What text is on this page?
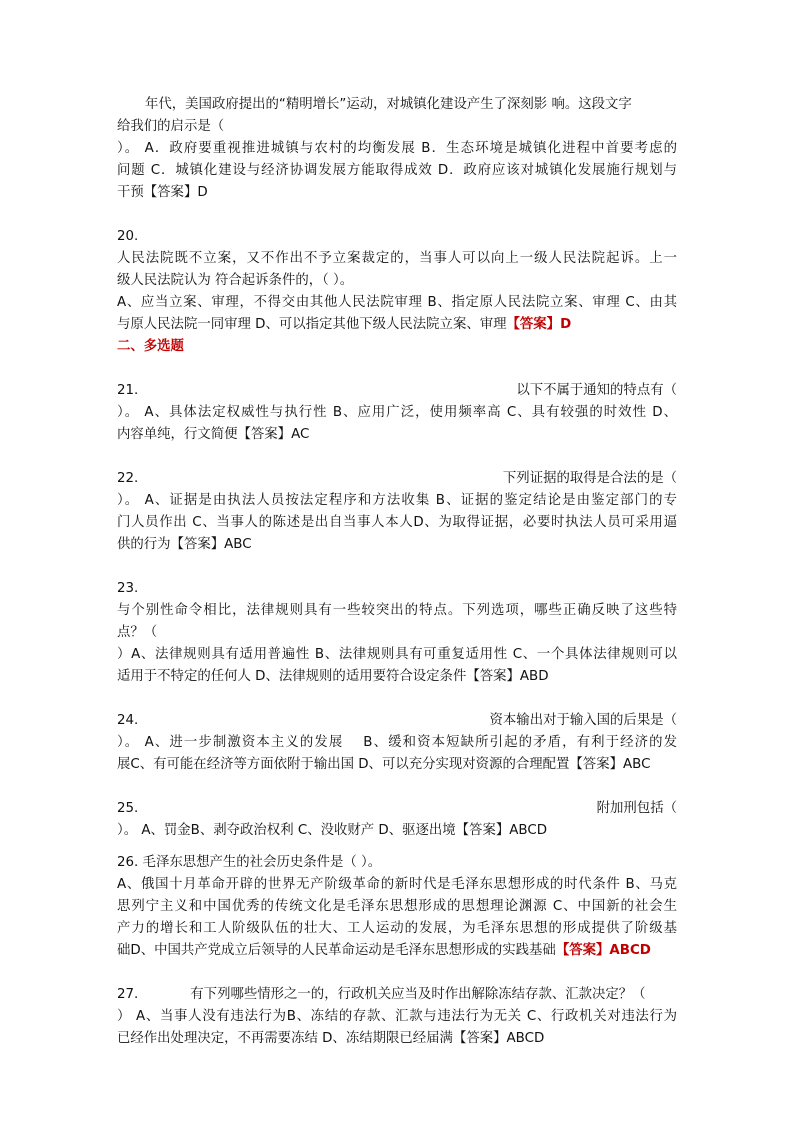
年代，美国政府提出的“精明增长”运动，对城镇化建设产生了深刻影 响。这段文字
给我们的启示是（
）。 A．政府要重视推进城镇与农村的均衡发展 B．生态环境是城镇化进程中首要考虑的
问题 C．城镇化建设与经济协调发展方能取得成效 D．政府应该对城镇化发展施行规划与
干预【答案】D
20.
人民法院既不立案，又不作出不予立案裁定的，当事人可以向上一级人民法院起诉。上一
级人民法院认为 符合起诉条件的，（ ）。
A、应当立案、审理，不得交由其他人民法院审理 B、指定原人民法院立案、审理 C、由其
与原人民法院一同审理 D、可以指定其他下级人民法院立案、审理【答案】D
二、多选题
21.	以下不属于通知的特点有（
）。 A、具体法定权威性与执行性 B、应用广泛，使用频率高 C、具有较强的时效性 D、
内容单纯，行文简便【答案】AC
22.	下列证据的取得是合法的是（
）。 A、证据是由执法人员按法定程序和方法收集 B、证据的鉴定结论是由鉴定部门的专
门人员作出 C、当事人的陈述是出自当事人本人D、为取得证据，必要时执法人员可采用逼
供的行为【答案】ABC
23.
与个别性命令相比，法律规则具有一些较突出的特点。下列选项，哪些正确反映了这些特
点？（
）A、法律规则具有适用普遍性 B、法律规则具有可重复适用性 C、一个具体法律规则可以
适用于不特定的任何人 D、法律规则的适用要符合设定条件【答案】ABD
24.	资本输出对于输入国的后果是（
）。 A、进一步制激资本主义的发展　 B、缓和资本短缺所引起的矛盾，有利于经济的发
展C、有可能在经济等方面依附于输出国 D、可以充分实现对资源的合理配置【答案】ABC
25.	附加刑包括（
）。 A、罚金B、剥夺政治权利 C、没收财产 D、驱逐出境【答案】ABCD
26. 毛泽东思想产生的社会历史条件是（ ）。
A、俄国十月革命开辟的世界无产阶级革命的新时代是毛泽东思想形成的时代条件 B、马克
思列宁主义和中国优秀的传统文化是毛泽东思想形成的思想理论渊源 C、中国新的社会生
产力的增长和工人阶级队伍的壮大、工人运动的发展，为毛泽东思想的形成提供了阶级基
础D、中国共产党成立后领导的人民革命运动是毛泽东思想形成的实践基础【答案】ABCD
27.	有下列哪些情形之一的，行政机关应当及时作出解除冻结存款、汇款决定？（
） A、当事人没有违法行为B、冻结的存款、汇款与违法行为无关 C、行政机关对违法行为
已经作出处理决定，不再需要冻结 D、冻结期限已经届满【答案】ABCD
